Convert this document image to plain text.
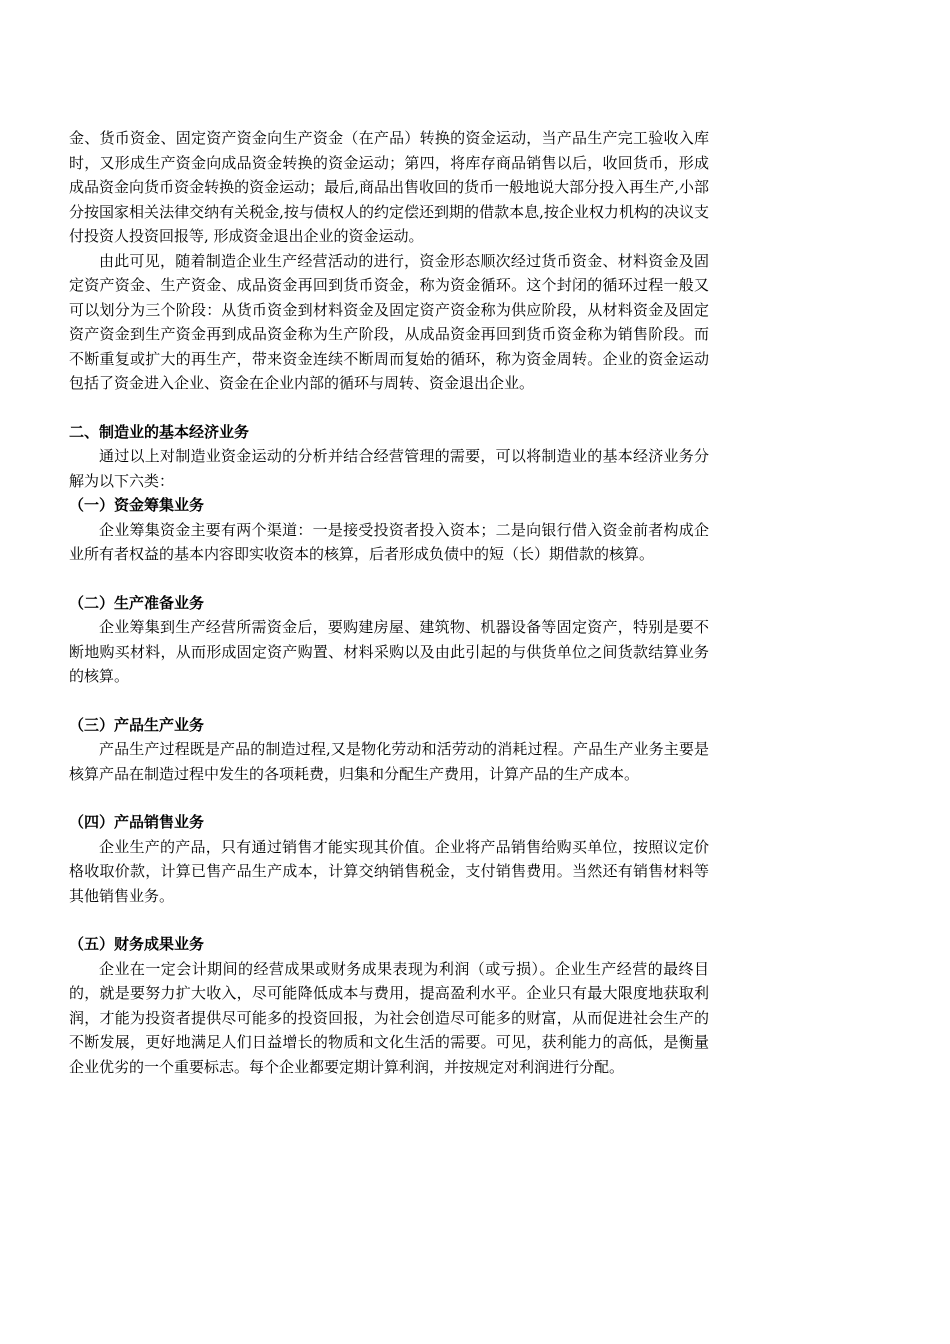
金、货币资金、固定资产资金向生产资金（在产品）转换的资金运动，当产品生产完工验收入库时，又形成生产资金向成品资金转换的资金运动；第四，将库存商品销售以后，收回货币，形成成品资金向货币资金转换的资金运动；最后,商品出售收回的货币一般地说大部分投入再生产,小部分按国家相关法律交纳有关税金,按与债权人的约定偿还到期的借款本息,按企业权力机构的决议支付投资人投资回报等, 形成资金退出企业的资金运动。

由此可见，随着制造企业生产经营活动的进行，资金形态顺次经过货币资金、材料资金及固定资产资金、生产资金、成品资金再回到货币资金，称为资金循环。这个封闭的循环过程一般又可以划分为三个阶段：从货币资金到材料资金及固定资产资金称为供应阶段，从材料资金及固定资产资金到生产资金再到成品资金称为生产阶段，从成品资金再回到货币资金称为销售阶段。而不断重复或扩大的再生产，带来资金连续不断周而复始的循环，称为资金周转。企业的资金运动包括了资金进入企业、资金在企业内部的循环与周转、资金退出企业。

二、制造业的基本经济业务

通过以上对制造业资金运动的分析并结合经营管理的需要，可以将制造业的基本经济业务分解为以下六类：

（一）资金筹集业务

企业筹集资金主要有两个渠道：一是接受投资者投入资本；二是向银行借入资金前者构成企业所有者权益的基本内容即实收资本的核算，后者形成负债中的短（长）期借款的核算。

（二）生产准备业务

企业筹集到生产经营所需资金后，要购建房屋、建筑物、机器设备等固定资产，特别是要不断地购买材料，从而形成固定资产购置、材料采购以及由此引起的与供货单位之间货款结算业务的核算。

（三）产品生产业务

产品生产过程既是产品的制造过程,又是物化劳动和活劳动的消耗过程。产品生产业务主要是核算产品在制造过程中发生的各项耗费，归集和分配生产费用，计算产品的生产成本。

（四）产品销售业务

企业生产的产品，只有通过销售才能实现其价值。企业将产品销售给购买单位，按照议定价格收取价款，计算已售产品生产成本，计算交纳销售税金，支付销售费用。当然还有销售材料等其他销售业务。

（五）财务成果业务

企业在一定会计期间的经营成果或财务成果表现为利润（或亏损）。企业生产经营的最终目的，就是要努力扩大收入，尽可能降低成本与费用，提高盈利水平。企业只有最大限度地获取利润，才能为投资者提供尽可能多的投资回报，为社会创造尽可能多的财富，从而促进社会生产的不断发展，更好地满足人们日益增长的物质和文化生活的需要。可见，获利能力的高低，是衡量企业优劣的一个重要标志。每个企业都要定期计算利润，并按规定对利润进行分配。
